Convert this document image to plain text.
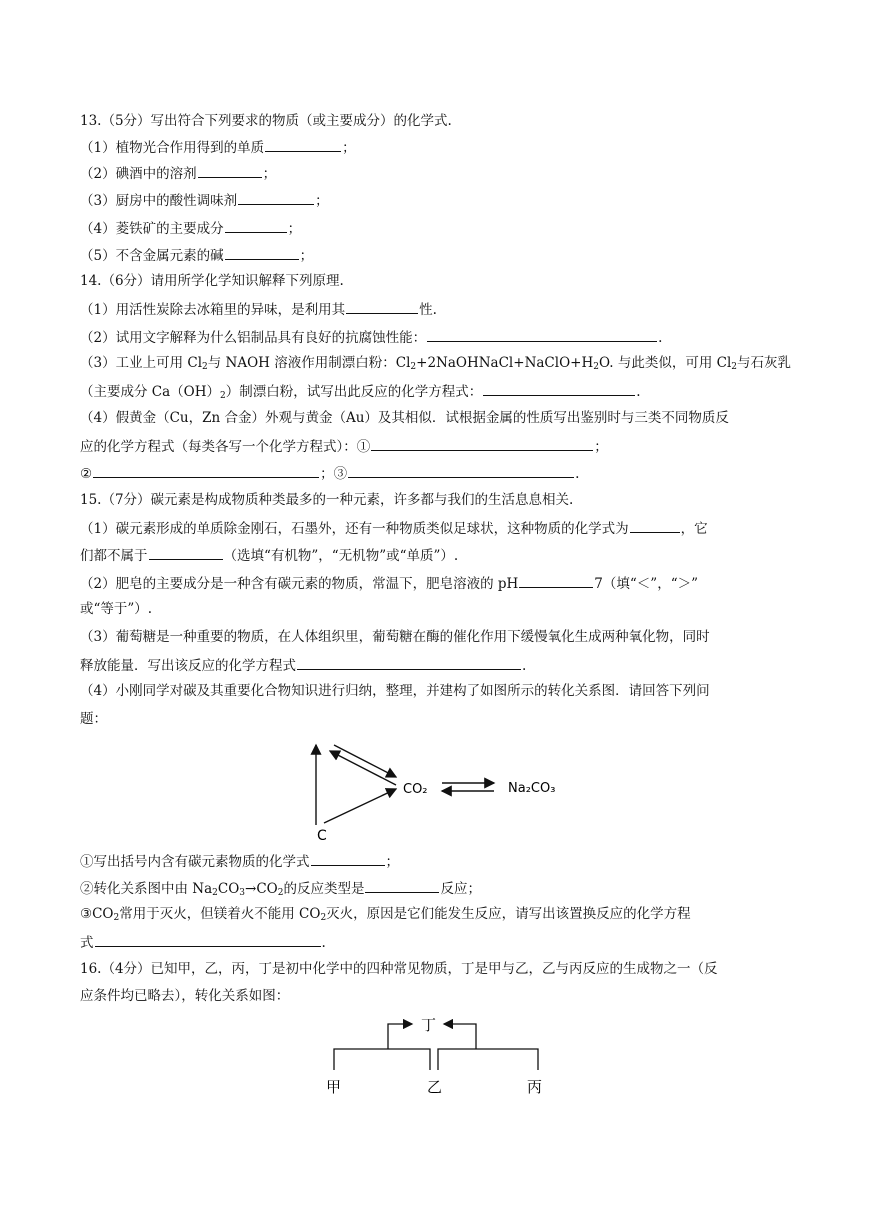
13.（5分）写出符合下列要求的物质（或主要成分）的化学式.
（1）植物光合作用得到的单质	；
（2）碘酒中的溶剂	；
（3）厨房中的酸性调味剂	；
（4）菱铁矿的主要成分	；
（5）不含金属元素的碱	；
14.（6分）请用所学化学知识解释下列原理.
（1）用活性炭除去冰箱里的异味，是利用其	性.
（2）试用文字解释为什么铝制品具有良好的抗腐蚀性能：	.
（3）工业上可用 $Cl_2$与 NAOH 溶液作用制漂白粉：$Cl_2+2NaOHNaCl+NaClO+H_2O$. 与此类似，可用 $Cl_2$与石灰乳
（主要成分 $Ca(OH)_2$）制漂白粉，试写出此反应的化学方程式：	.
（4）假黄金（Cu，Zn 合金）外观与黄金（Au）及其相似．试根据金属的性质写出鉴别时与三类不同物质反
应的化学方程式（每类各写一个化学方程式）：①	；
②	；③	.
15.（7分）碳元素是构成物质种类最多的一种元素，许多都与我们的生活息息相关.
（1）碳元素形成的单质除金刚石，石墨外，还有一种物质类似足球状，这种物质的化学式为	，它
们都不属于	（选填“有机物”，“无机物”或“单质”）.
（2）肥皂的主要成分是一种含有碳元素的物质，常温下，肥皂溶液的 pH	7（填“＜”，“＞”
或“等于”）.
（3）葡萄糖是一种重要的物质，在人体组织里，葡萄糖在酶的催化作用下缓慢氧化生成两种氧化物，同时
释放能量．写出该反应的化学方程式	.
（4）小刚同学对碳及其重要化合物知识进行归纳，整理，并建构了如图所示的转化关系图．请回答下列问
题：
CO₂	Na₂CO₃
C
①写出括号内含有碳元素物质的化学式	；
②转化关系图中由 $Na_2CO_3\to CO_2$的反应类型是	反应；
$③CO_2$常用于灭火，但镁着火不能用 $CO_2$灭火，原因是它们能发生反应，请写出该置换反应的化学方程
式	.
16.（4分）已知甲，乙，丙，丁是初中化学中的四种常见物质，丁是甲与乙，乙与丙反应的生成物之一（反
应条件均已略去），转化关系如图：
丁
甲	乙	丙
